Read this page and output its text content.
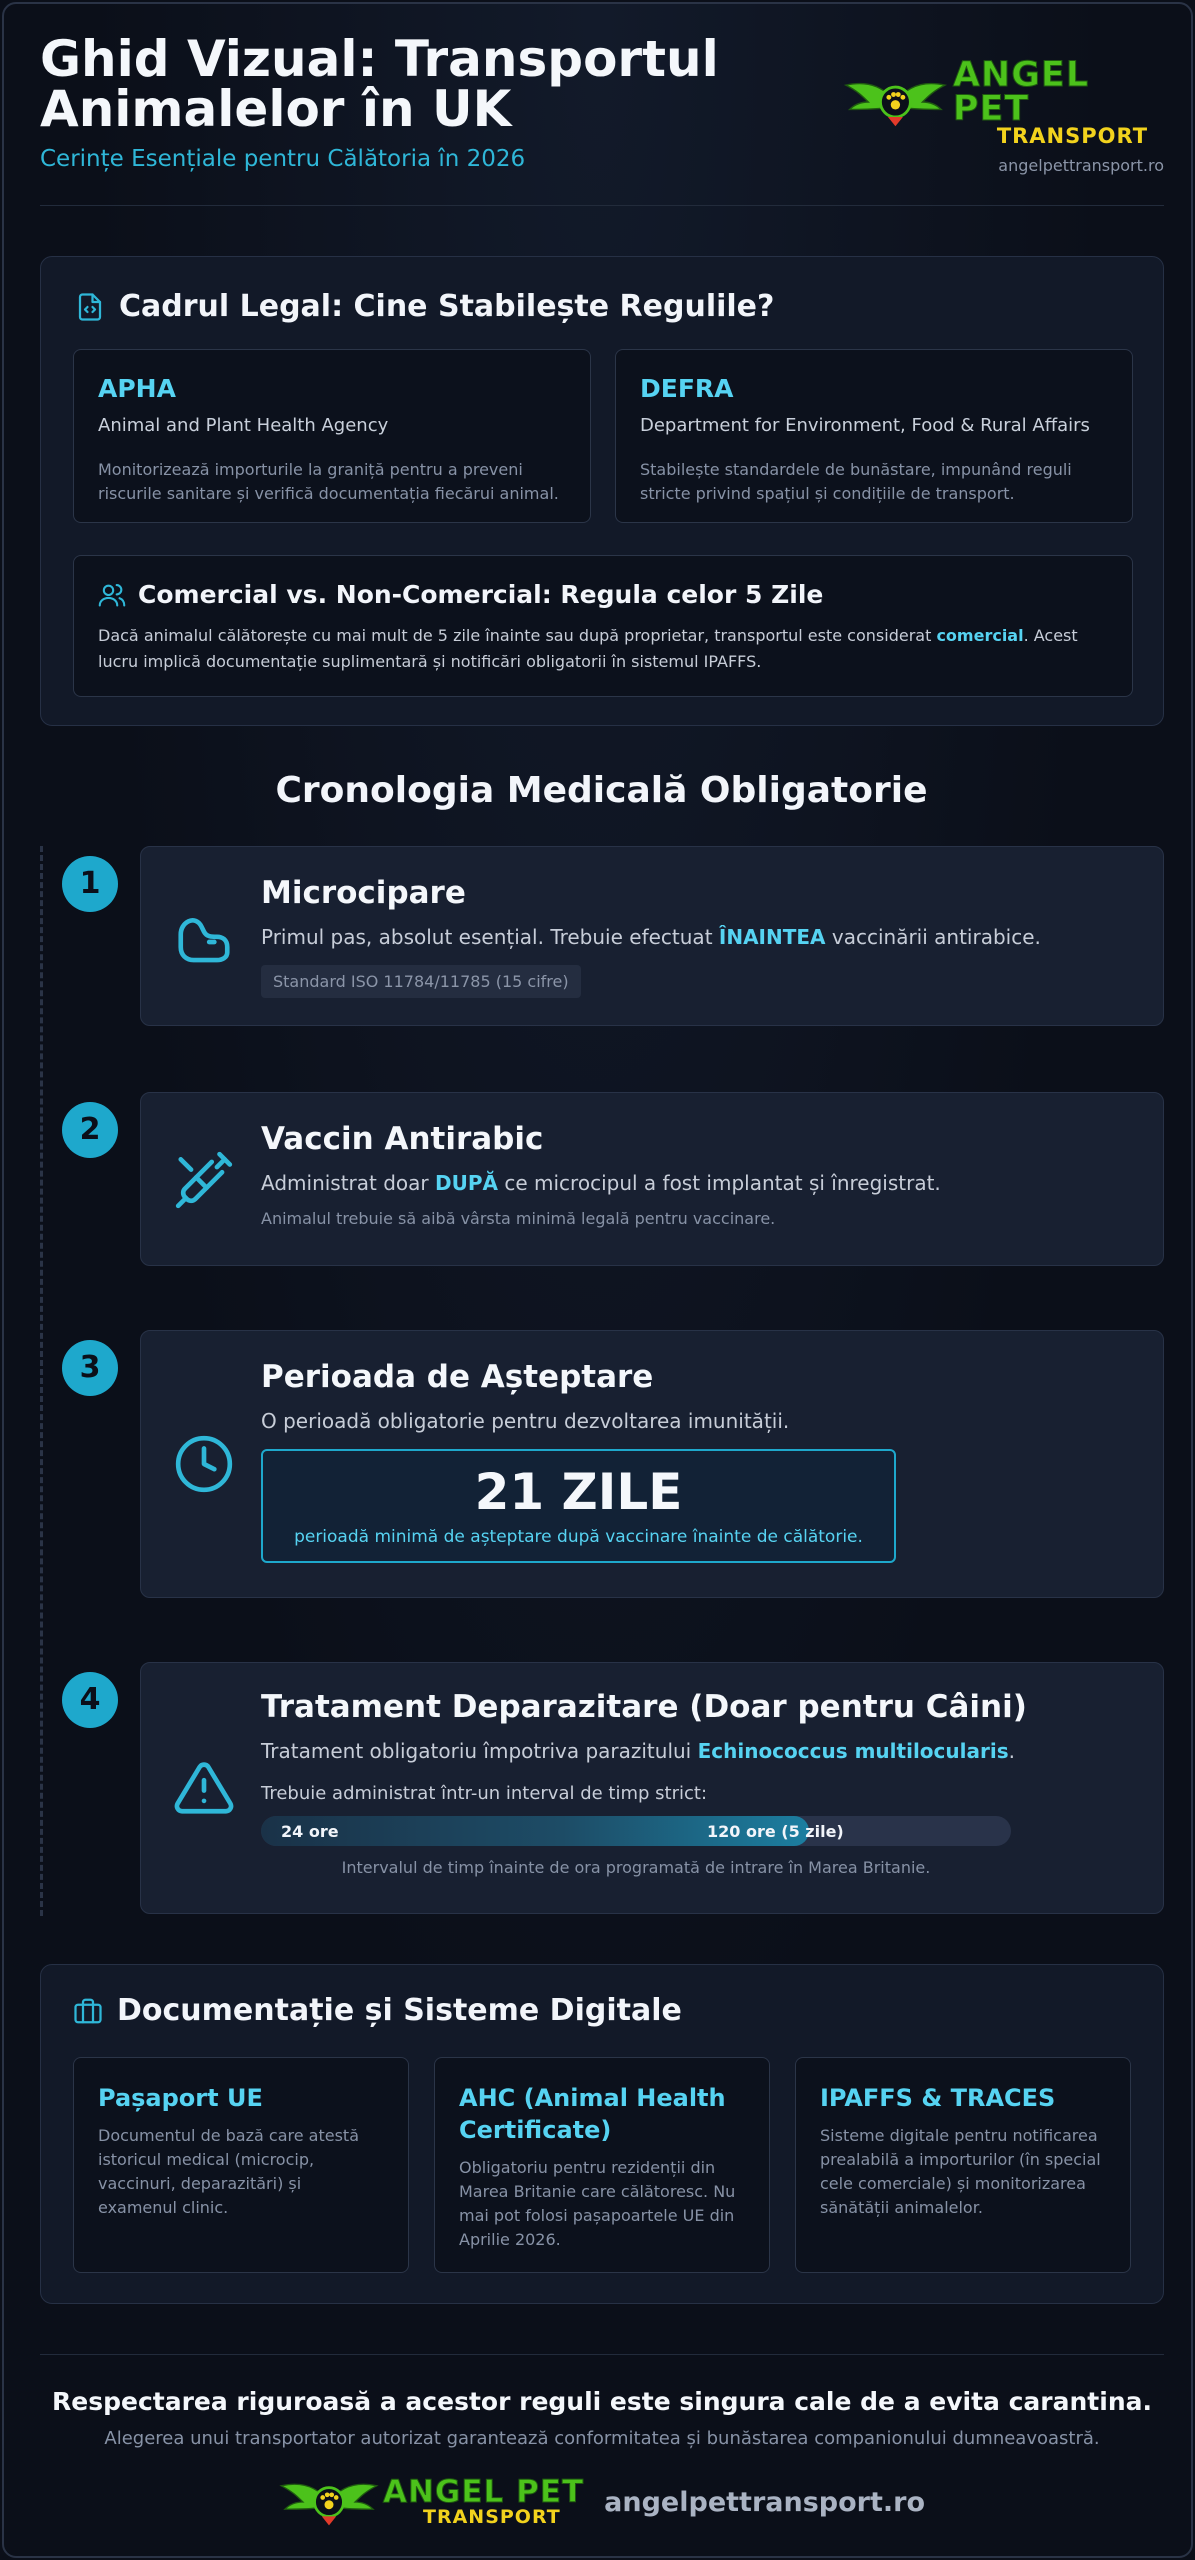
Ghid Vizual: Transportul Animalelor în UK
Cerințe Esențiale pentru Călătoria în 2026
ANGEL PET
TRANSPORT
angelpettransport.ro
Cadrul Legal: Cine Stabilește Regulile?
APHA
Animal and Plant Health Agency
Monitorizează importurile la graniță pentru a preveni riscurile sanitare și verifică documentația fiecărui animal.
DEFRA
Department for Environment, Food & Rural Affairs
Stabilește standardele de bunăstare, impunând reguli stricte privind spațiul și condițiile de transport.
Comercial vs. Non-Comercial: Regula celor 5 Zile
Dacă animalul călătorește cu mai mult de 5 zile înainte sau după proprietar, transportul este considerat comercial. Acest lucru implică documentație suplimentară și notificări obligatorii în sistemul IPAFFS.
Cronologia Medicală Obligatorie
1	Microcipare
Primul pas, absolut esențial. Trebuie efectuat ÎNAINTEA vaccinării antirabice.
Standard ISO 11784/11785 (15 cifre)
2	Vaccin Antirabic
Administrat doar DUPĂ ce microcipul a fost implantat și înregistrat.
Animalul trebuie să aibă vârsta minimă legală pentru vaccinare.
3	Perioada de Așteptare
O perioadă obligatorie pentru dezvoltarea imunității.
21 ZILE
perioadă minimă de așteptare după vaccinare înainte de călătorie.
4	Tratament Deparazitare (Doar pentru Câini)
Tratament obligatoriu împotriva parazitului Echinococcus multilocularis.
Trebuie administrat într-un interval de timp strict:
24 ore	120 ore (5 zile)
Intervalul de timp înainte de ora programată de intrare în Marea Britanie.
Documentație și Sisteme Digitale
Pașaport UE

Documentul de bază care atestă istoricul medical (microcip, vaccinuri, deparazitări) și examenul clinic.

AHC (Animal Health Certificate)

Obligatoriu pentru rezidenții din Marea Britanie care călătoresc. Nu mai pot folosi pașapoartele UE din Aprilie 2026.

IPAFFS & TRACES

Sisteme digitale pentru notificarea prealabilă a importurilor (în special cele comerciale) și monitorizarea sănătății animalelor.

Respectarea riguroasă a acestor reguli este singura cale de a evita carantina.
Alegerea unui transportator autorizat garantează conformitatea și bunăstarea companionului dumneavoastră.
ANGEL PET
TRANSPORT	angelpettransport.ro
